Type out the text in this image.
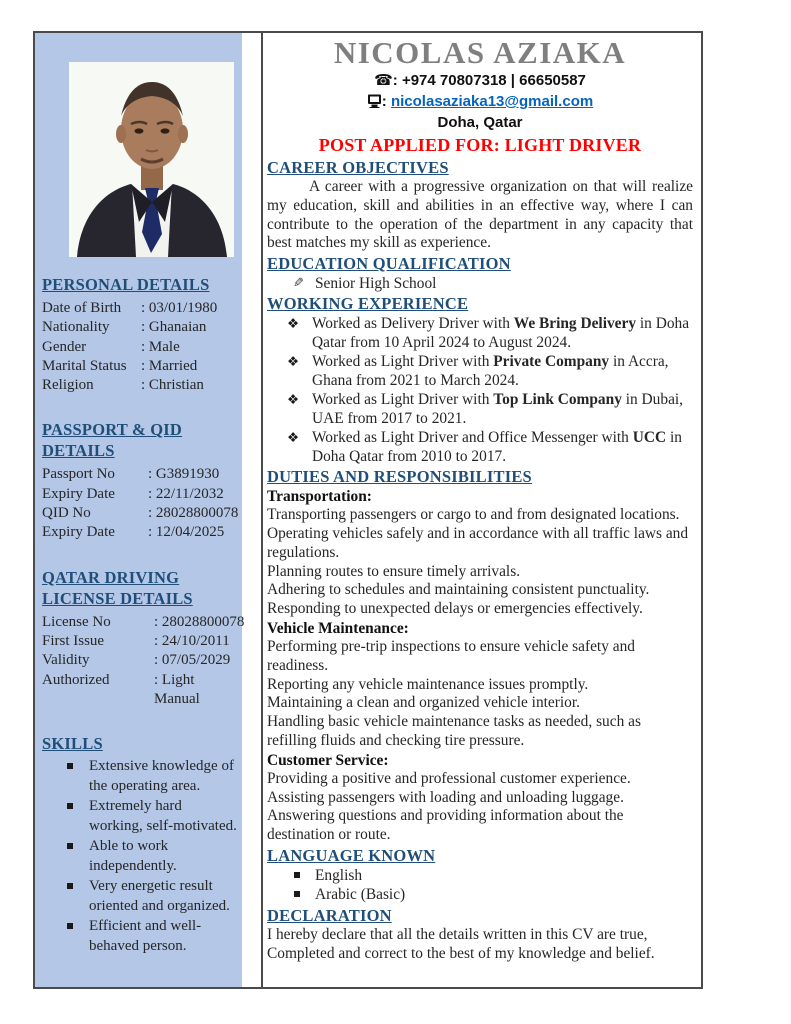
PERSONAL DETAILS
Date of Birth	: 03/01/1980
Nationality	: Ghanaian
Gender	: Male
Marital Status	: Married
Religion	: Christian
PASSPORT & QID DETAILS
Passport No	: G3891930
Expiry Date	: 22/11/2032
QID No	: 28028800078
Expiry Date	: 12/04/2025
QATAR DRIVING LICENSE DETAILS
License No	: 28028800078
First Issue	: 24/10/2011
Validity	: 07/05/2029
Authorized	: Light Manual
SKILLS
Extensive knowledge of the operating area.
Extremely hard working, self-motivated.
Able to work independently.
Very energetic result oriented and organized.
Efficient and well-behaved person.
NICOLAS AZIAKA
☎: +974 70807318 | 66650587
: nicolasaziaka13@gmail.com
Doha, Qatar
POST APPLIED FOR: LIGHT DRIVER
CAREER OBJECTIVES

A career with a progressive organization on that will realize my education, skill and abilities in an effective way, where I can contribute to the operation of the department in any capacity that best matches my skill as experience.

EDUCATION QUALIFICATION
✎ Senior High School
WORKING EXPERIENCE
❖ Worked as Delivery Driver with We Bring Delivery in Doha Qatar from 10 April 2024 to August 2024.
❖ Worked as Light Driver with Private Company in Accra, Ghana from 2021 to March 2024.
❖ Worked as Light Driver with Top Link Company in Dubai, UAE from 2017 to 2021.
❖ Worked as Light Driver and Office Messenger with UCC in Doha Qatar from 2010 to 2017.
DUTIES AND RESPONSIBILITIES

Transportation:

Transporting passengers or cargo to and from designated locations.

Operating vehicles safely and in accordance with all traffic laws and regulations.

Planning routes to ensure timely arrivals.

Adhering to schedules and maintaining consistent punctuality.

Responding to unexpected delays or emergencies effectively.

Vehicle Maintenance:

Performing pre-trip inspections to ensure vehicle safety and readiness.

Reporting any vehicle maintenance issues promptly.

Maintaining a clean and organized vehicle interior.

Handling basic vehicle maintenance tasks as needed, such as refilling fluids and checking tire pressure.

Customer Service:

Providing a positive and professional customer experience.

Assisting passengers with loading and unloading luggage.

Answering questions and providing information about the destination or route.

LANGUAGE KNOWN
English
Arabic (Basic)
DECLARATION

I hereby declare that all the details written in this CV are true, Completed and correct to the best of my knowledge and belief.
